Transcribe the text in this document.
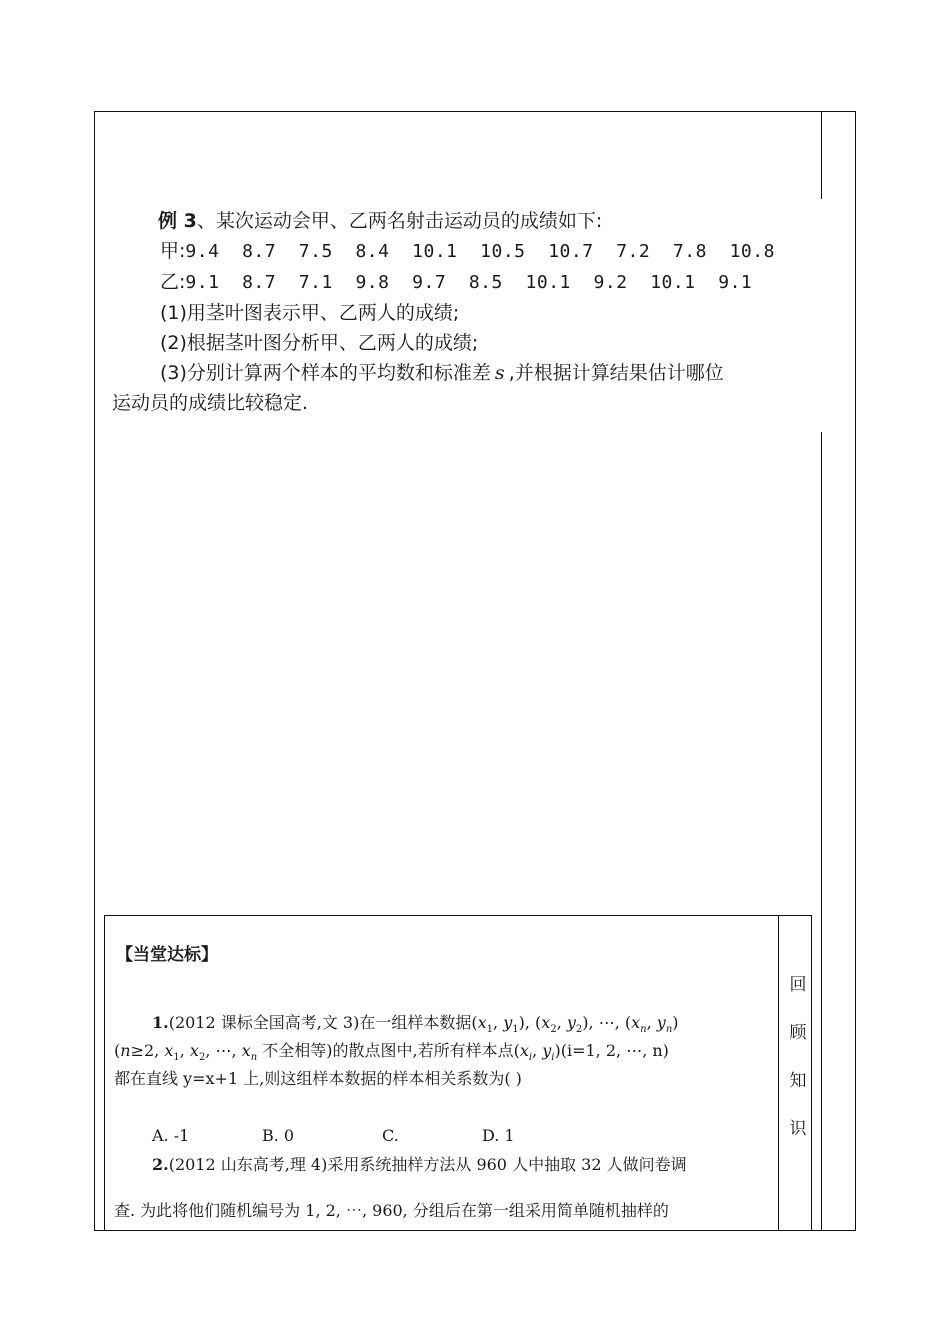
例 3、某次运动会甲、乙两名射击运动员的成绩如下:
甲:9.4  8.7  7.5  8.4  10.1  10.5  10.7  7.2  7.8  10.8
乙:9.1  8.7  7.1  9.8  9.7  8.5  10.1  9.2  10.1  9.1
(1)用茎叶图表示甲、乙两人的成绩;
(2)根据茎叶图分析甲、乙两人的成绩;
(3)分别计算两个样本的平均数和标准差 s ,并根据计算结果估计哪位
运动员的成绩比较稳定.
【当堂达标】
回
顾
知
识
1.(2012 课标全国高考,文 3)在一组样本数据($x_1$, $y_1$), ($x_2$, $y_2$), ⋯, ($x_n$, $y_n$)
(n≥2, $x_1$, $x_2$, ⋯, $x_n$ 不全相等)的散点图中,若所有样本点($x_i$, $y_i)(i=1$, 2, ⋯, n)
都在直线 y=x+1 上,则这组样本数据的样本相关系数为( )
A. -1	B. 0	C.	D. 1
2.(2012 山东高考,理 4)采用系统抽样方法从 960 人中抽取 32 人做问卷调
查. 为此将他们随机编号为 1, 2, ⋯, 960, 分组后在第一组采用简单随机抽样的
